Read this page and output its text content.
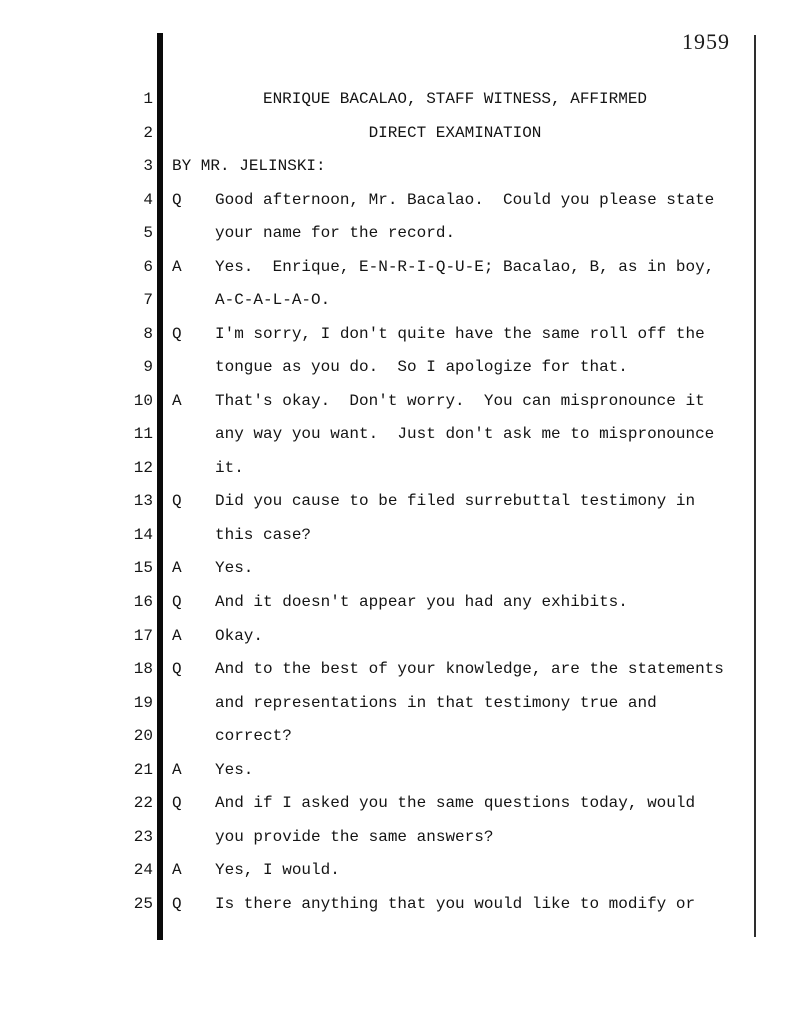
1959
1	ENRIQUE BACALAO, STAFF WITNESS, AFFIRMED
2	DIRECT EXAMINATION
3	BY MR. JELINSKI:
4 Q Good afternoon, Mr. Bacalao.  Could you please state
5	your name for the record.
6 A Yes.  Enrique, E-N-R-I-Q-U-E; Bacalao, B, as in boy,
7	A-C-A-L-A-O.
8 Q I'm sorry, I don't quite have the same roll off the
9	tongue as you do.  So I apologize for that.
10 A That's okay.  Don't worry.  You can mispronounce it
11	any way you want.  Just don't ask me to mispronounce
12	it.
13 Q Did you cause to be filed surrebuttal testimony in
14	this case?
15 A Yes.
16 Q And it doesn't appear you had any exhibits.
17 A Okay.
18 Q And to the best of your knowledge, are the statements
19	and representations in that testimony true and
20	correct?
21 A Yes.
22 Q And if I asked you the same questions today, would
23	you provide the same answers?
24 A Yes, I would.
25 Q Is there anything that you would like to modify or
